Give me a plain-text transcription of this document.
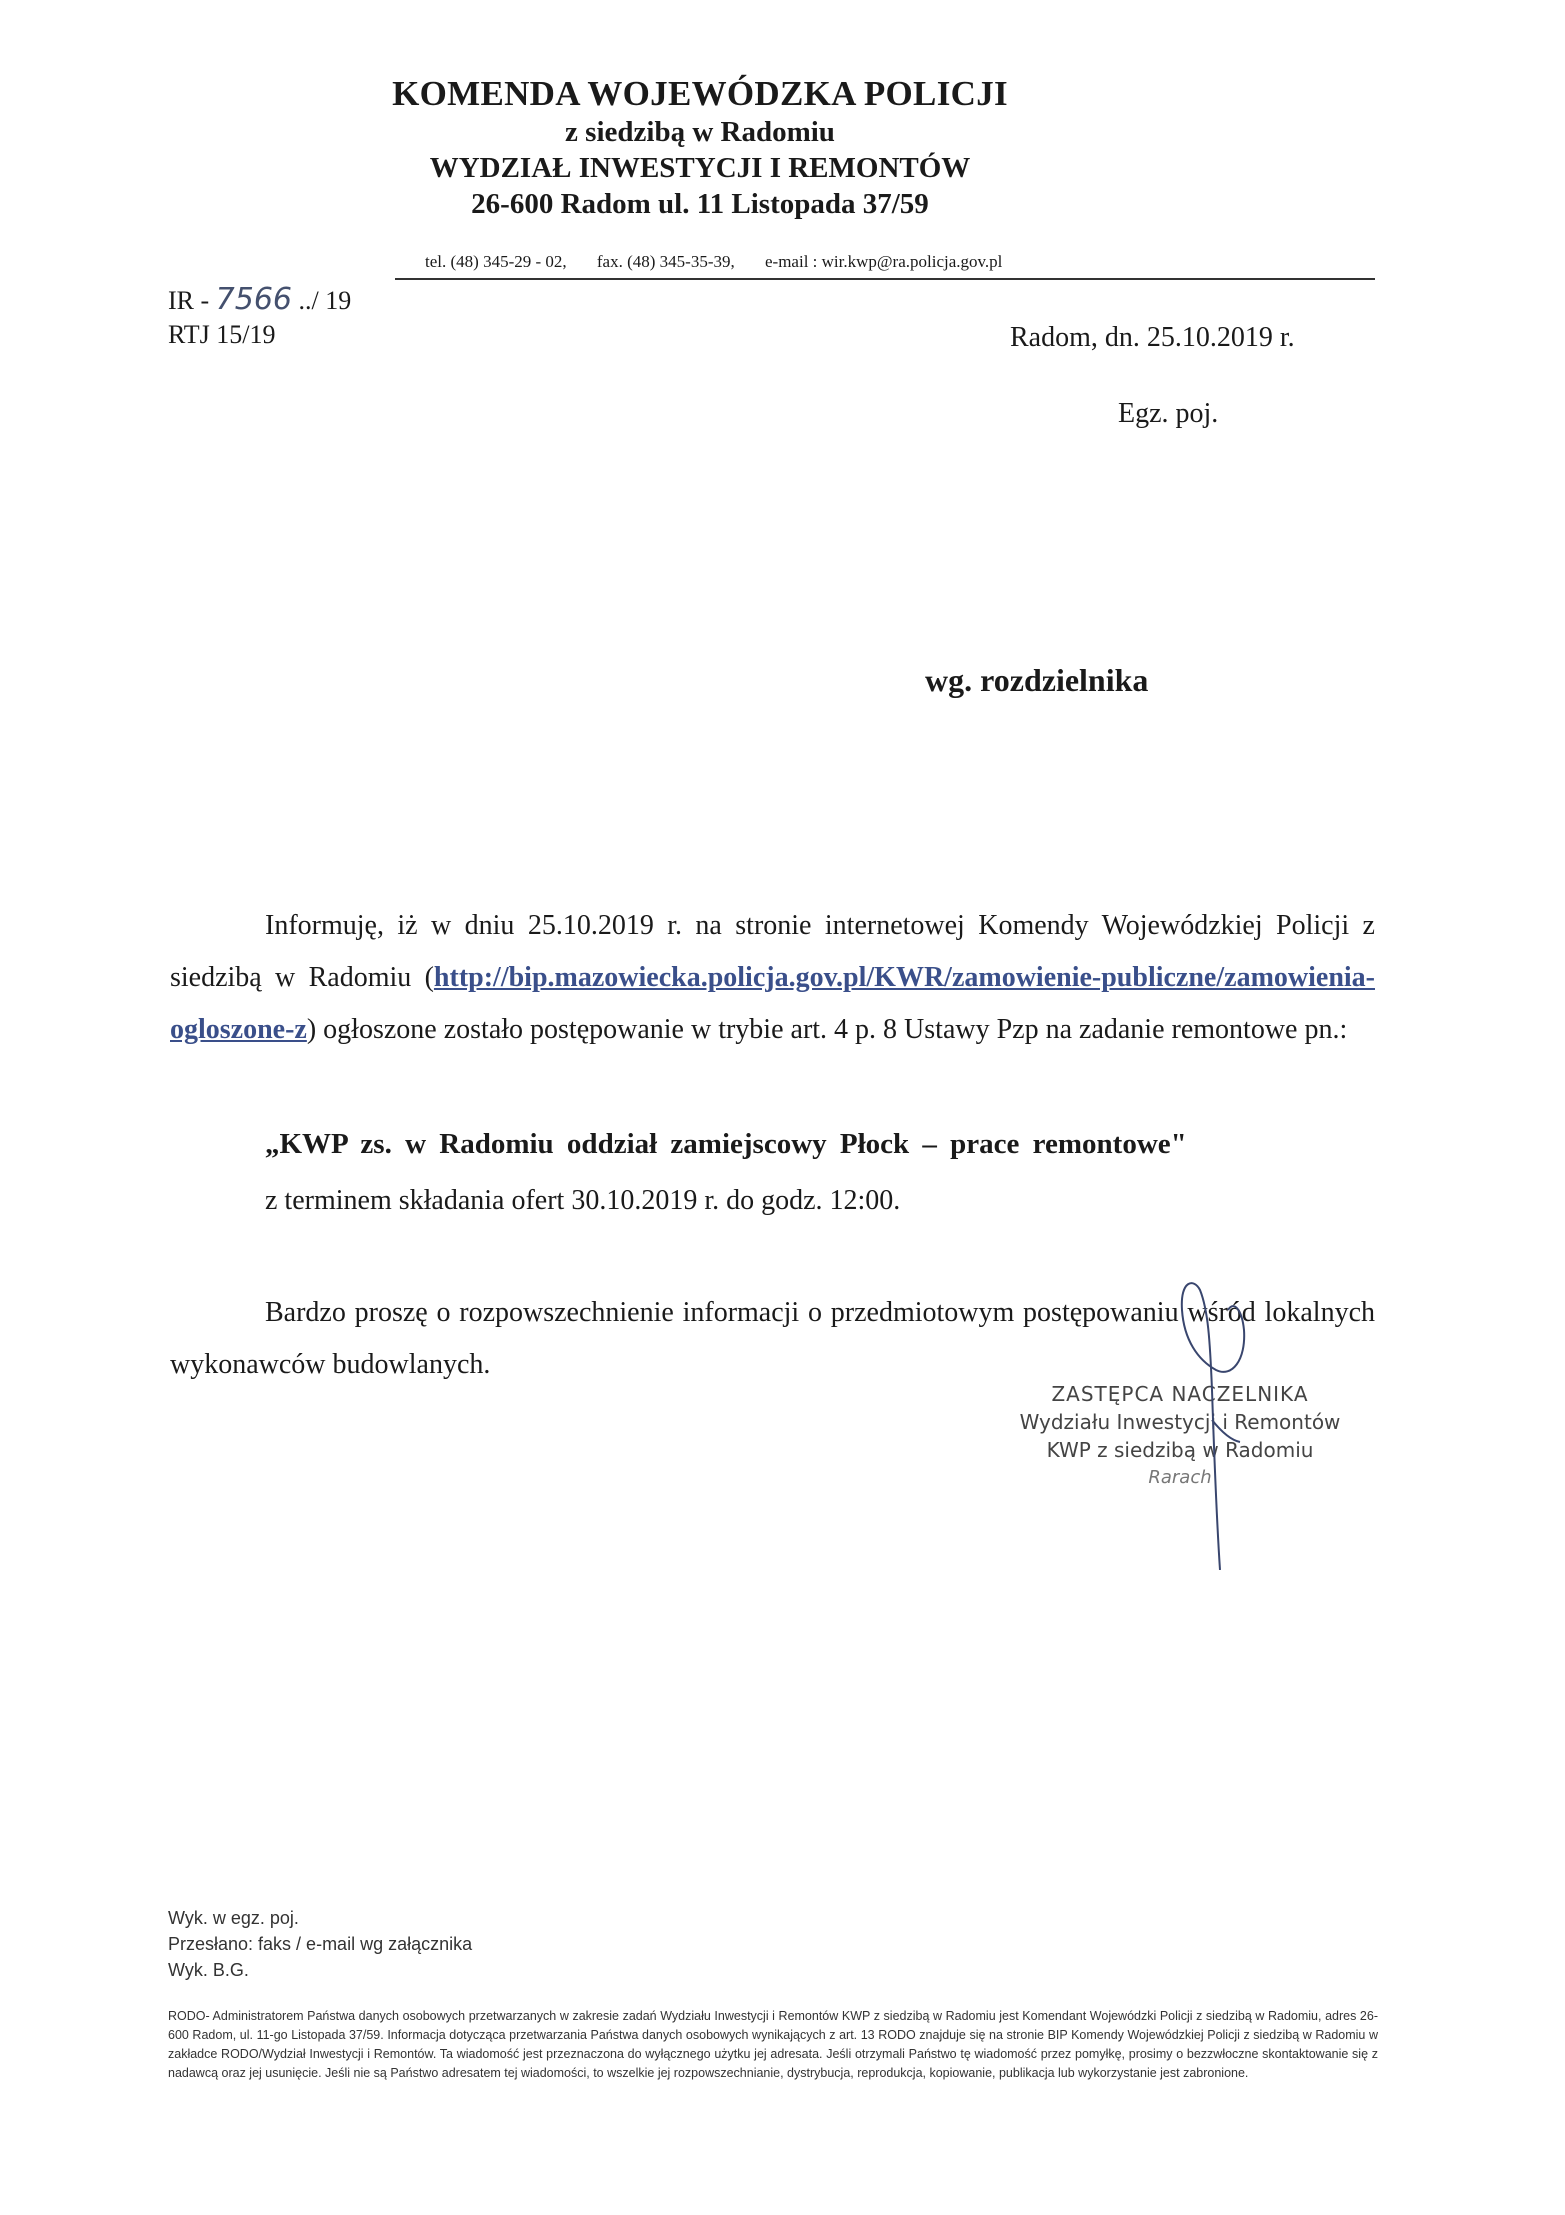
KOMENDA WOJEWÓDZKA POLICJI
z siedzibą w Radomiu
WYDZIAŁ INWESTYCJI I REMONTÓW
26-600 Radom ul. 11 Listopada 37/59
tel. (48) 345-29 - 02, fax. (48) 345-35-39, e-mail : wir.kwp@ra.policja.gov.pl
IR - 7566 ../ 19
RTJ 15/19	Radom, dn. 25.10.2019 r.
Egz. poj.
wg. rozdzielnika
Informuję, iż w dniu 25.10.2019 r. na stronie internetowej Komendy Wojewódzkiej Policji z siedzibą w Radomiu (http://bip.mazowiecka.policja.gov.pl/KWR/zamowienie-publiczne/zamowienia-ogloszone-z) ogłoszone zostało postępowanie w trybie art. 4 p. 8 Ustawy Pzp na zadanie remontowe pn.:
„KWP zs. w Radomiu oddział zamiejscowy Płock – prace remontowe"
z terminem składania ofert 30.10.2019 r. do godz. 12:00.
Bardzo proszę o rozpowszechnienie informacji o przedmiotowym postępowaniu wśród lokalnych wykonawców budowlanych.
ZASTĘPCA NACZELNIKA
Wydziału Inwestycji i Remontów
KWP z siedzibą w Radomiu
Rarach
Wyk. w egz. poj.
Przesłano: faks / e-mail wg załącznika
Wyk. B.G.
RODO- Administratorem Państwa danych osobowych przetwarzanych w zakresie zadań Wydziału Inwestycji i Remontów KWP z siedzibą w Radomiu jest Komendant Wojewódzki Policji z siedzibą w Radomiu, adres 26-600 Radom, ul. 11-go Listopada 37/59. Informacja dotycząca przetwarzania Państwa danych osobowych wynikających z art. 13 RODO znajduje się na stronie BIP Komendy Wojewódzkiej Policji z siedzibą w Radomiu w zakładce RODO/Wydział Inwestycji i Remontów. Ta wiadomość jest przeznaczona do wyłącznego użytku jej adresata. Jeśli otrzymali Państwo tę wiadomość przez pomyłkę, prosimy o bezzwłoczne skontaktowanie się z nadawcą oraz jej usunięcie. Jeśli nie są Państwo adresatem tej wiadomości, to wszelkie jej rozpowszechnianie, dystrybucja, reprodukcja, kopiowanie, publikacja lub wykorzystanie jest zabronione.
